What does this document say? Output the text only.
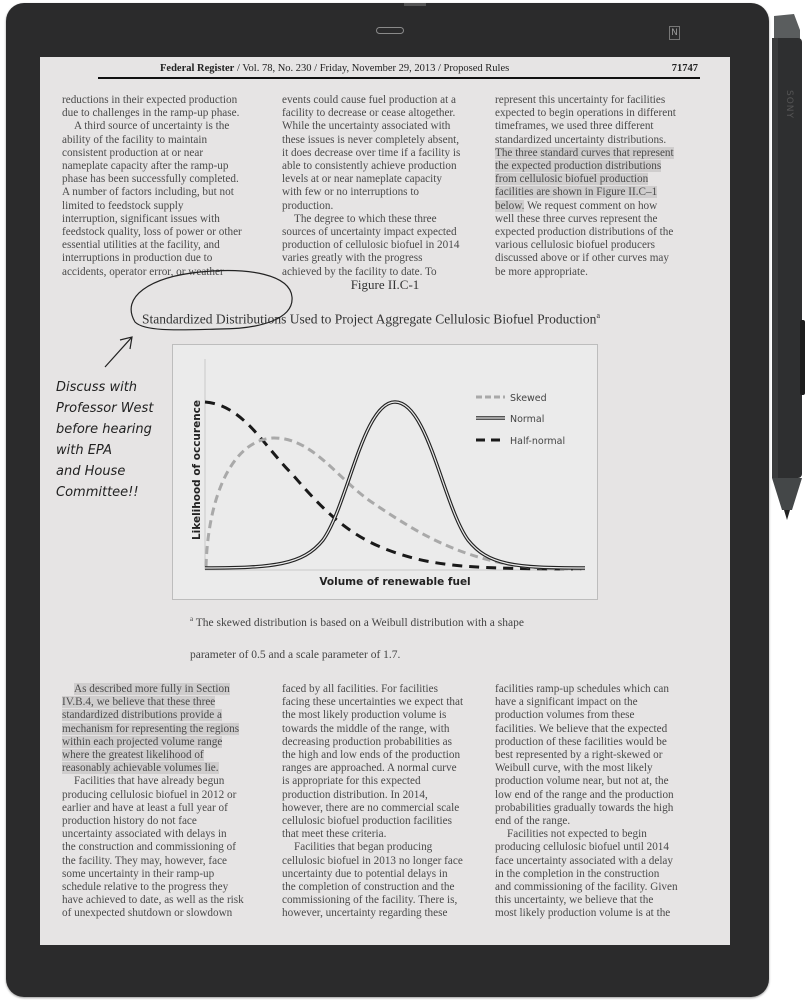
N
Federal Register / Vol. 78, No. 230 / Friday, November 29, 2013 / Proposed Rules	71747

reductions in their expected production

due to challenges in the ramp-up phase.

A third source of uncertainty is the

ability of the facility to maintain

consistent production at or near

nameplate capacity after the ramp-up

phase has been successfully completed.

A number of factors including, but not

limited to feedstock supply

interruption, significant issues with

feedstock quality, loss of power or other

essential utilities at the facility, and

interruptions in production due to

accidents, operator error, or weather

events could cause fuel production at a

facility to decrease or cease altogether.

While the uncertainty associated with

these issues is never completely absent,

it does decrease over time if a facility is

able to consistently achieve production

levels at or near nameplate capacity

with few or no interruptions to

production.

The degree to which these three

sources of uncertainty impact expected

production of cellulosic biofuel in 2014

varies greatly with the progress

achieved by the facility to date. To

represent this uncertainty for facilities

expected to begin operations in different

timeframes, we used three different

standardized uncertainty distributions.

The three standard curves that represent

the expected production distributions

from cellulosic biofuel production

facilities are shown in Figure II.C–1

below. We request comment on how

well these three curves represent the

expected production distributions of the

various cellulosic biofuel producers

discussed above or if other curves may

be more appropriate.

Figure II.C-1
Standardized Distributions Used to Project Aggregate Cellulosic Biofuel Production$^a$
Skewed
Normal
Half-normal
Volume of renewable fuel
Likelihood of occurence
$^a$ The skewed distribution is based on a Weibull distribution with a shape
parameter of 0.5 and a scale parameter of 1.7.

As described more fully in Section

IV.B.4, we believe that these three

standardized distributions provide a

mechanism for representing the regions

within each projected volume range

where the greatest likelihood of

reasonably achievable volumes lie.

Facilities that have already begun

producing cellulosic biofuel in 2012 or

earlier and have at least a full year of

production history do not face

uncertainty associated with delays in

the construction and commissioning of

the facility. They may, however, face

some uncertainty in their ramp-up

schedule relative to the progress they

have achieved to date, as well as the risk

of unexpected shutdown or slowdown

faced by all facilities. For facilities

facing these uncertainties we expect that

the most likely production volume is

towards the middle of the range, with

decreasing production probabilities as

the high and low ends of the production

ranges are approached. A normal curve

is appropriate for this expected

production distribution. In 2014,

however, there are no commercial scale

cellulosic biofuel production facilities

that meet these criteria.

Facilities that began producing

cellulosic biofuel in 2013 no longer face

uncertainty due to potential delays in

the completion of construction and the

commissioning of the facility. There is,

however, uncertainty regarding these

facilities ramp-up schedules which can

have a significant impact on the

production volumes from these

facilities. We believe that the expected

production of these facilities would be

best represented by a right-skewed or

Weibull curve, with the most likely

production volume near, but not at, the

low end of the range and the production

probabilities gradually towards the high

end of the range.

Facilities not expected to begin

producing cellulosic biofuel until 2014

face uncertainty associated with a delay

in the completion in the construction

and commissioning of the facility. Given

this uncertainty, we believe that the

most likely production volume is at the

Discuss with
Professor West
before hearing
with EPA
and House
Committee!!
SONY
